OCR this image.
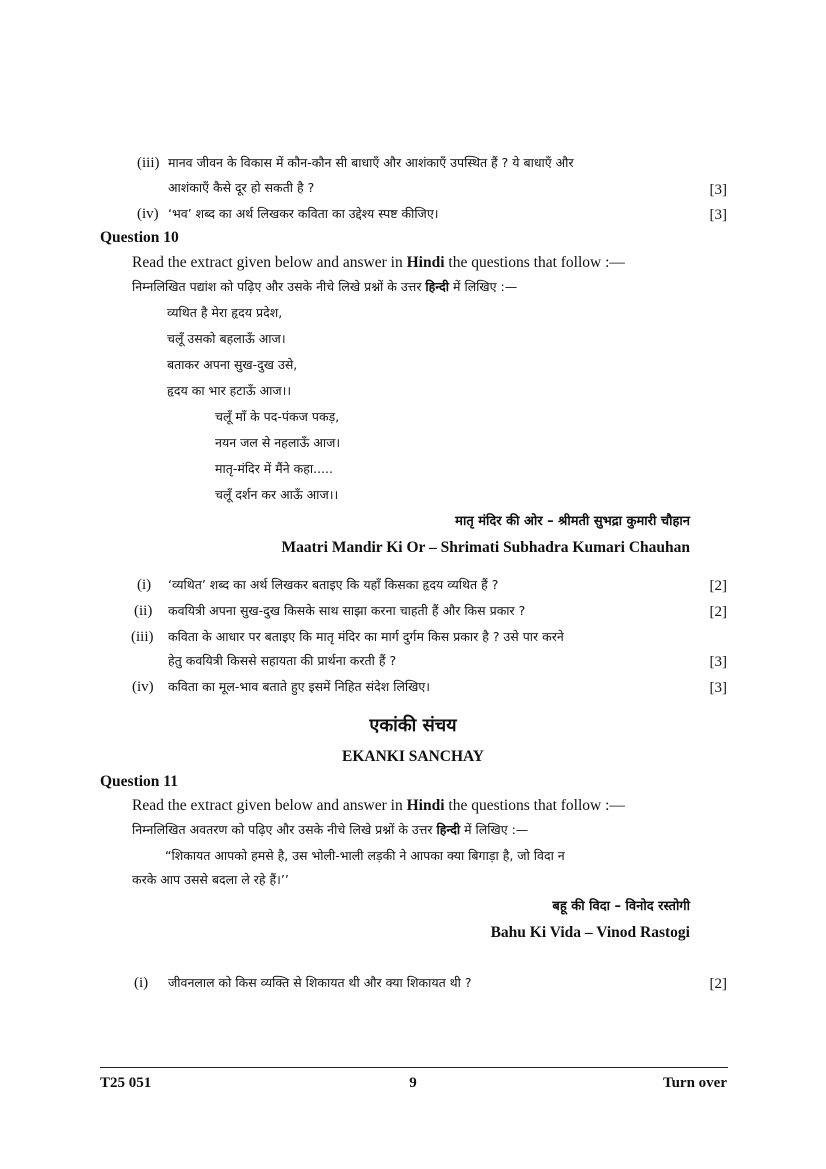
(iii) मानव जीवन के विकास में कौन-कौन सी बाधाएँ और आशंकाएँ उपस्थित हैं ? ये बाधाएँ और
आशंकाएँ कैसे दूर हो सकती है ?	[3]
(iv) ‘भव’ शब्द का अर्थ लिखकर कविता का उद्देश्य स्पष्ट कीजिए।	[3]
Question 10
Read the extract given below and answer in Hindi the questions that follow :—
निम्नलिखित पद्यांश को पढ़िए और उसके नीचे लिखे प्रश्नों के उत्तर हिन्दी में लिखिए :—
व्यथित है मेरा हृदय प्रदेश,
चलूँ उसको बहलाऊँ आज।
बताकर अपना सुख-दुख उसे,
हृदय का भार हटाऊँ आज।।
चलूँ माँ के पद-पंकज पकड़,
नयन जल से नहलाऊँ आज।
मातृ-मंदिर में मैंने कहा.....
चलूँ दर्शन कर आऊँ आज।।
मातृ मंदिर की ओर – श्रीमती सुभद्रा कुमारी चौहान
Maatri Mandir Ki Or – Shrimati Subhadra Kumari Chauhan
(i) ‘व्यथित’ शब्द का अर्थ लिखकर बताइए कि यहाँ किसका हृदय व्यथित हैं ?	[2]
(ii) कवयित्री अपना सुख-दुख किसके साथ साझा करना चाहती हैं और किस प्रकार ?	[2]
(iii) कविता के आधार पर बताइए कि मातृ मंदिर का मार्ग दुर्गम किस प्रकार है ? उसे पार करने
हेतु कवयित्री किससे सहायता की प्रार्थना करती हैं ?	[3]
(iv) कविता का मूल-भाव बताते हुए इसमें निहित संदेश लिखिए।	[3]
एकांकी संचय
EKANKI SANCHAY
Question 11
Read the extract given below and answer in Hindi the questions that follow :—
निम्नलिखित अवतरण को पढ़िए और उसके नीचे लिखे प्रश्नों के उत्तर हिन्दी में लिखिए :—
“शिकायत आपको हमसे है, उस भोली-भाली लड़की ने आपका क्या बिगाड़ा है, जो विदा न
करके आप उससे बदला ले रहे हैं।’’
बहू की विदा – विनोद रस्तोगी
Bahu Ki Vida – Vinod Rastogi
(i) जीवनलाल को किस व्यक्ति से शिकायत थी और क्या शिकायत थी ?	[2]
T25 051	9	Turn over
